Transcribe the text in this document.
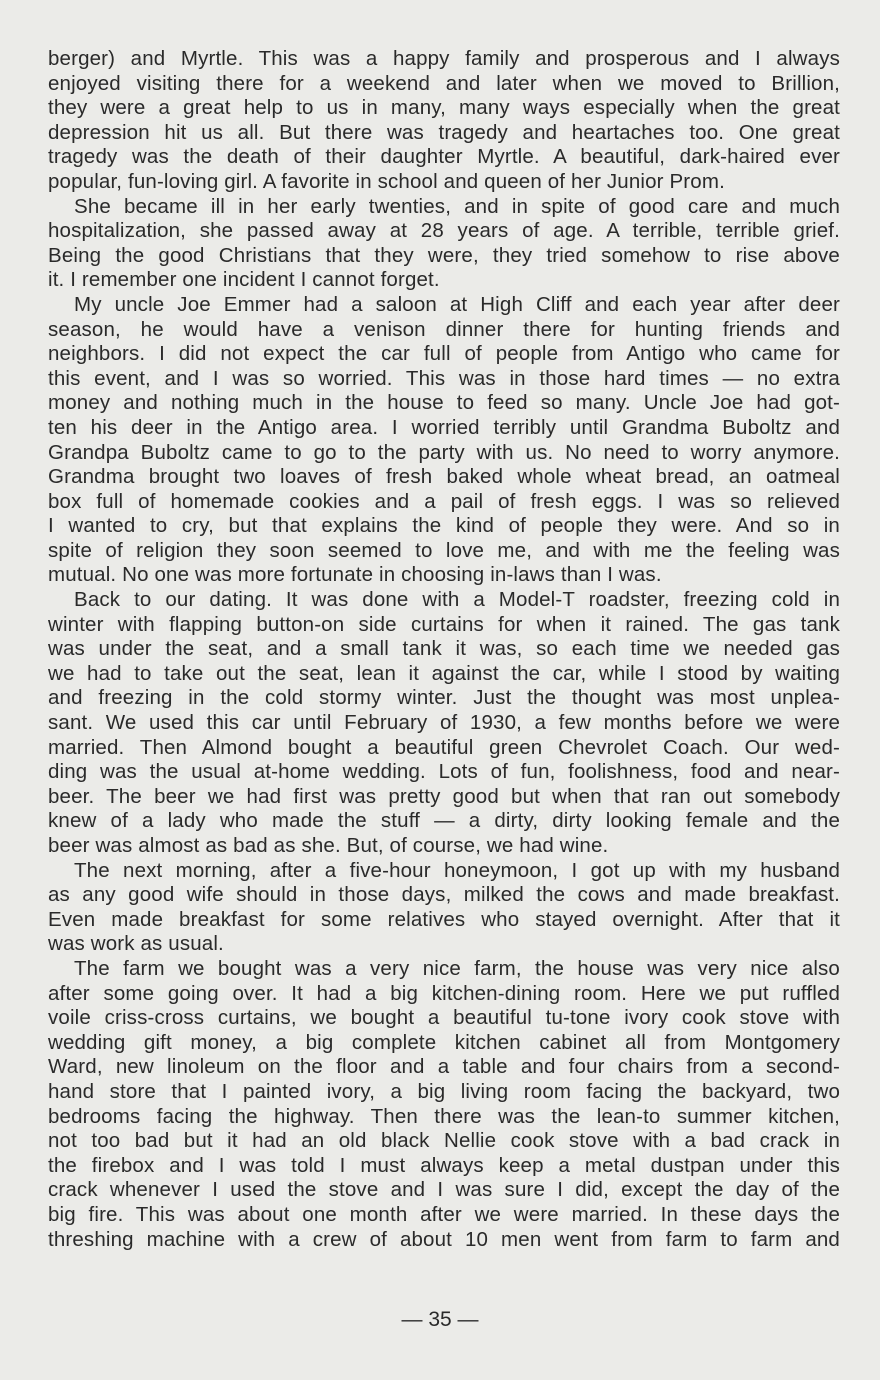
berger) and Myrtle. This was a happy family and prosperous and I always
enjoyed visiting there for a weekend and later when we moved to Brillion,
they were a great help to us in many, many ways especially when the great
depression hit us all. But there was tragedy and heartaches too. One great
tragedy was the death of their daughter Myrtle. A beautiful, dark-haired ever
popular, fun-loving girl. A favorite in school and queen of her Junior Prom.
She became ill in her early twenties, and in spite of good care and much
hospitalization, she passed away at 28 years of age. A terrible, terrible grief.
Being the good Christians that they were, they tried somehow to rise above
it. I remember one incident I cannot forget.
My uncle Joe Emmer had a saloon at High Cliff and each year after deer
season, he would have a venison dinner there for hunting friends and
neighbors. I did not expect the car full of people from Antigo who came for
this event, and I was so worried. This was in those hard times — no extra
money and nothing much in the house to feed so many. Uncle Joe had got-
ten his deer in the Antigo area. I worried terribly until Grandma Buboltz and
Grandpa Buboltz came to go to the party with us. No need to worry anymore.
Grandma brought two loaves of fresh baked whole wheat bread, an oatmeal
box full of homemade cookies and a pail of fresh eggs. I was so relieved
I wanted to cry, but that explains the kind of people they were. And so in
spite of religion they soon seemed to love me, and with me the feeling was
mutual. No one was more fortunate in choosing in-laws than I was.
Back to our dating. It was done with a Model-T roadster, freezing cold in
winter with flapping button-on side curtains for when it rained. The gas tank
was under the seat, and a small tank it was, so each time we needed gas
we had to take out the seat, lean it against the car, while I stood by waiting
and freezing in the cold stormy winter. Just the thought was most unplea-
sant. We used this car until February of 1930, a few months before we were
married. Then Almond bought a beautiful green Chevrolet Coach. Our wed-
ding was the usual at-home wedding. Lots of fun, foolishness, food and near-
beer. The beer we had first was pretty good but when that ran out somebody
knew of a lady who made the stuff — a dirty, dirty looking female and the
beer was almost as bad as she. But, of course, we had wine.
The next morning, after a five-hour honeymoon, I got up with my husband
as any good wife should in those days, milked the cows and made breakfast.
Even made breakfast for some relatives who stayed overnight. After that it
was work as usual.
The farm we bought was a very nice farm, the house was very nice also
after some going over. It had a big kitchen-dining room. Here we put ruffled
voile criss-cross curtains, we bought a beautiful tu-tone ivory cook stove with
wedding gift money, a big complete kitchen cabinet all from Montgomery
Ward, new linoleum on the floor and a table and four chairs from a second-
hand store that I painted ivory, a big living room facing the backyard, two
bedrooms facing the highway. Then there was the lean-to summer kitchen,
not too bad but it had an old black Nellie cook stove with a bad crack in
the firebox and I was told I must always keep a metal dustpan under this
crack whenever I used the stove and I was sure I did, except the day of the
big fire. This was about one month after we were married. In these days the
threshing machine with a crew of about 10 men went from farm to farm and
— 35 —
